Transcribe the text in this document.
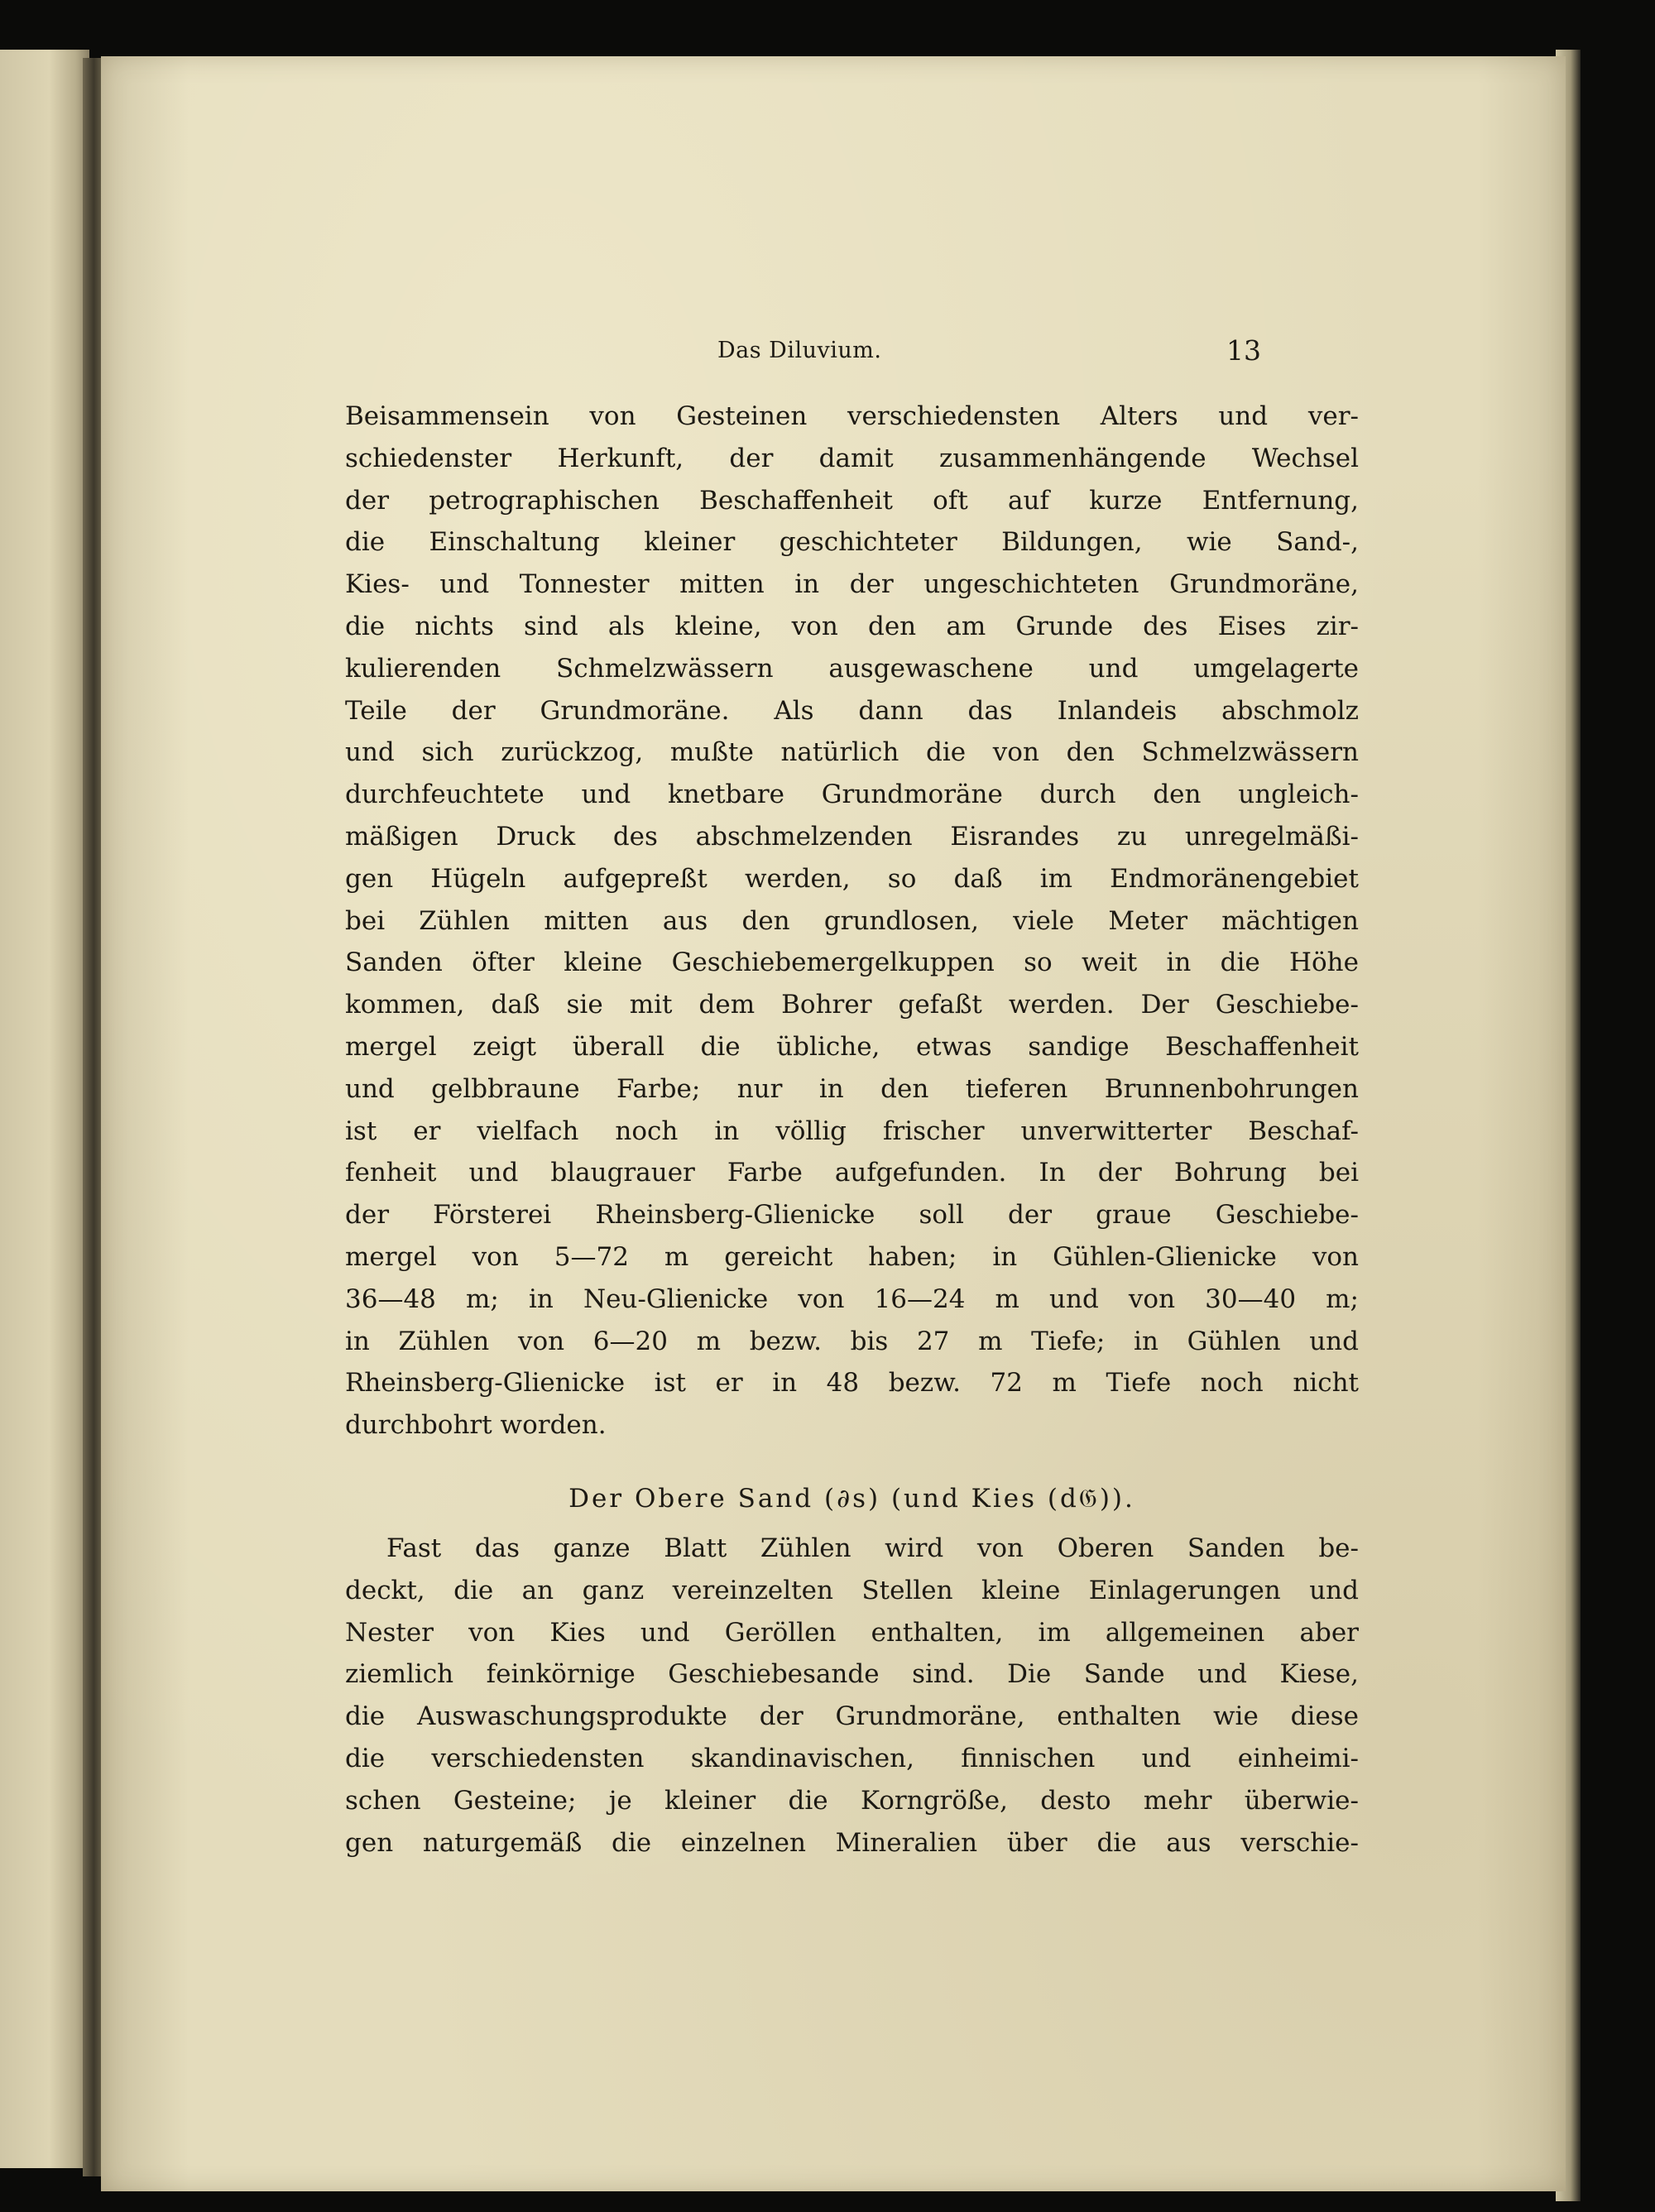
Das Diluvium.	13
Beisammensein von Gesteinen verschiedensten Alters und ver-
schiedenster Herkunft, der damit zusammenhängende Wechsel
der petrographischen Beschaffenheit oft auf kurze Entfernung,
die Einschaltung kleiner geschichteter Bildungen, wie Sand-,
Kies- und Tonnester mitten in der ungeschichteten Grundmoräne,
die nichts sind als kleine, von den am Grunde des Eises zir-
kulierenden Schmelzwässern ausgewaschene und umgelagerte
Teile der Grundmoräne. Als dann das Inlandeis abschmolz
und sich zurückzog, mußte natürlich die von den Schmelzwässern
durchfeuchtete und knetbare Grundmoräne durch den ungleich-
mäßigen Druck des abschmelzenden Eisrandes zu unregelmäßi-
gen Hügeln aufgepreßt werden, so daß im Endmoränengebiet
bei Zühlen mitten aus den grundlosen, viele Meter mächtigen
Sanden öfter kleine Geschiebemergelkuppen so weit in die Höhe
kommen, daß sie mit dem Bohrer gefaßt werden. Der Geschiebe-
mergel zeigt überall die übliche, etwas sandige Beschaffenheit
und gelbbraune Farbe; nur in den tieferen Brunnenbohrungen
ist er vielfach noch in völlig frischer unverwitterter Beschaf-
fenheit und blaugrauer Farbe aufgefunden. In der Bohrung bei
der Försterei Rheinsberg-Glienicke soll der graue Geschiebe-
mergel von 5—72 m gereicht haben; in Gühlen-Glienicke von
36—48 m; in Neu-Glienicke von 16—24 m und von 30—40 m;
in Zühlen von 6—20 m bezw. bis 27 m Tiefe; in Gühlen und
Rheinsberg-Glienicke ist er in 48 bezw. 72 m Tiefe noch nicht
durchbohrt worden.
Der Obere Sand (∂s) (und Kies (d𝔊)).
Fast das ganze Blatt Zühlen wird von Oberen Sanden be-
deckt, die an ganz vereinzelten Stellen kleine Einlagerungen und
Nester von Kies und Geröllen enthalten, im allgemeinen aber
ziemlich feinkörnige Geschiebesande sind. Die Sande und Kiese,
die Auswaschungsprodukte der Grundmoräne, enthalten wie diese
die verschiedensten skandinavischen, finnischen und einheimi-
schen Gesteine; je kleiner die Korngröße, desto mehr überwie-
gen naturgemäß die einzelnen Mineralien über die aus verschie-
